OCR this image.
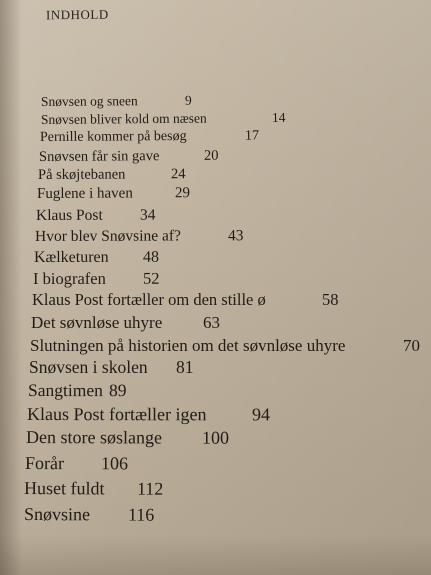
INDHOLD
Snøvsen og sneen	9
Snøvsen bliver kold om næsen	14
Pernille kommer på besøg	17
Snøvsen får sin gave	20
På skøjtebanen	24
Fuglene i haven	29
Klaus Post 34
Hvor blev Snøvsine af?	43
Kælketuren 48
I biografen 52
Klaus Post fortæller om den stille ø	58
Det søvnløse uhyre 63
Slutningen på historien om det søvnløse uhyre	70
Snøvsen i skolen 81
Sangtimen 89
Klaus Post fortæller igen	94
Den store søslange 100
Forår 106
Huset fuldt 112
Snøvsine 116
